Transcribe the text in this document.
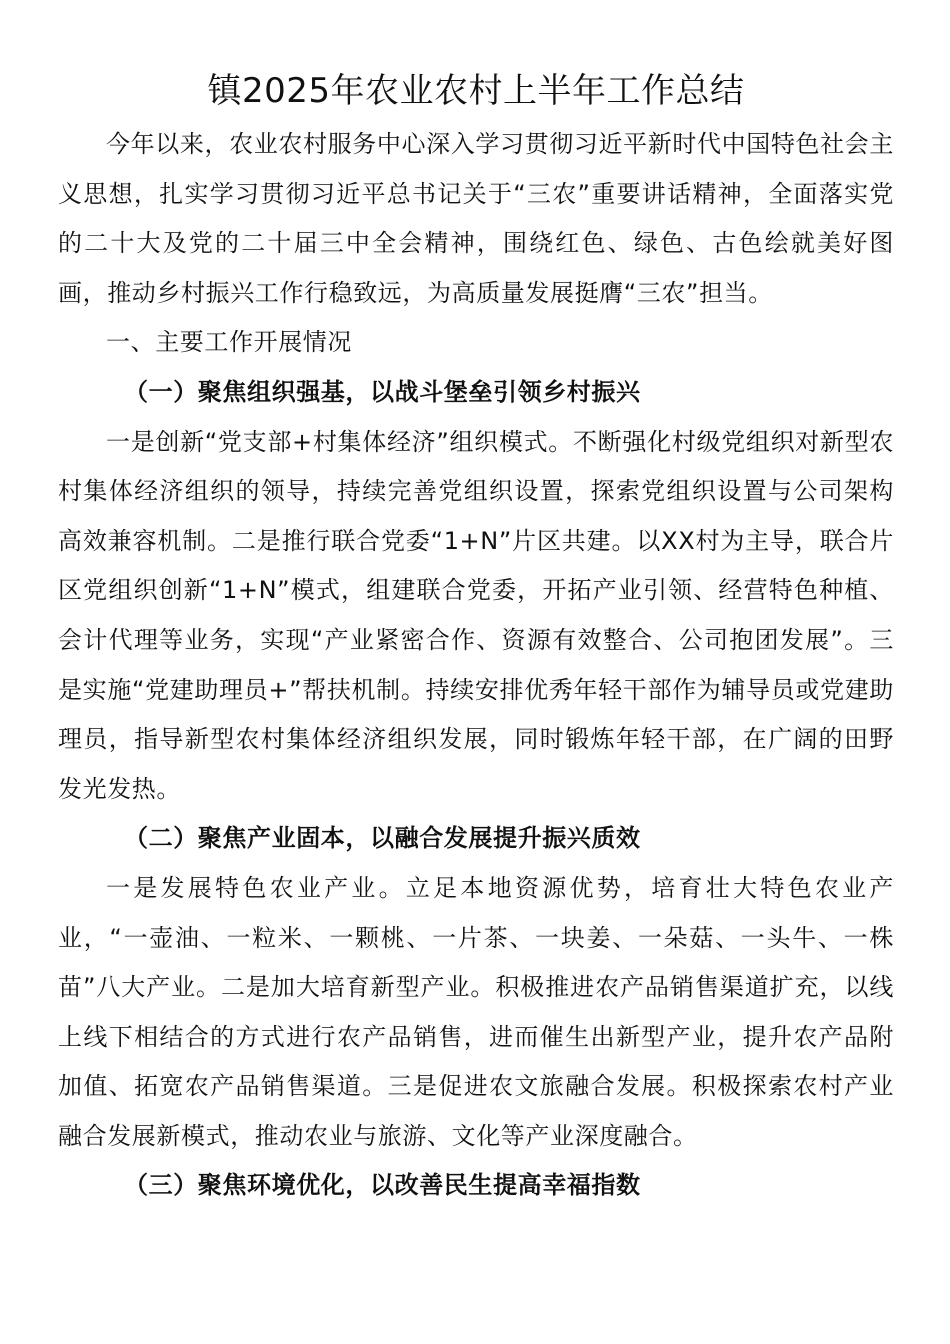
镇2025年农业农村上半年工作总结

今年以来，农业农村服务中心深入学习贯彻习近平新时代中国特色社会主义思想，扎实学习贯彻习近平总书记关于“三农”重要讲话精神，全面落实党的二十大及党的二十届三中全会精神，围绕红色、绿色、古色绘就美好图画，推动乡村振兴工作行稳致远，为高质量发展挺膺“三农”担当。

一、主要工作开展情况

（一）聚焦组织强基，以战斗堡垒引领乡村振兴

一是创新“党支部+村集体经济”组织模式。不断强化村级党组织对新型农村集体经济组织的领导，持续完善党组织设置，探索党组织设置与公司架构高效兼容机制。二是推行联合党委“1+N”片区共建。以XX村为主导，联合片区党组织创新“1+N”模式，组建联合党委，开拓产业引领、经营特色种植、会计代理等业务，实现“产业紧密合作、资源有效整合、公司抱团发展”。三是实施“党建助理员+”帮扶机制。持续安排优秀年轻干部作为辅导员或党建助理员，指导新型农村集体经济组织发展，同时锻炼年轻干部，在广阔的田野发光发热。

（二）聚焦产业固本，以融合发展提升振兴质效

一是发展特色农业产业。立足本地资源优势，培育壮大特色农业产业，“一壶油、一粒米、一颗桃、一片茶、一块姜、一朵菇、一头牛、一株苗”八大产业。二是加大培育新型产业。积极推进农产品销售渠道扩充，以线上线下相结合的方式进行农产品销售，进而催生出新型产业，提升农产品附加值、拓宽农产品销售渠道。三是促进农文旅融合发展。积极探索农村产业融合发展新模式，推动农业与旅游、文化等产业深度融合。

（三）聚焦环境优化，以改善民生提高幸福指数
